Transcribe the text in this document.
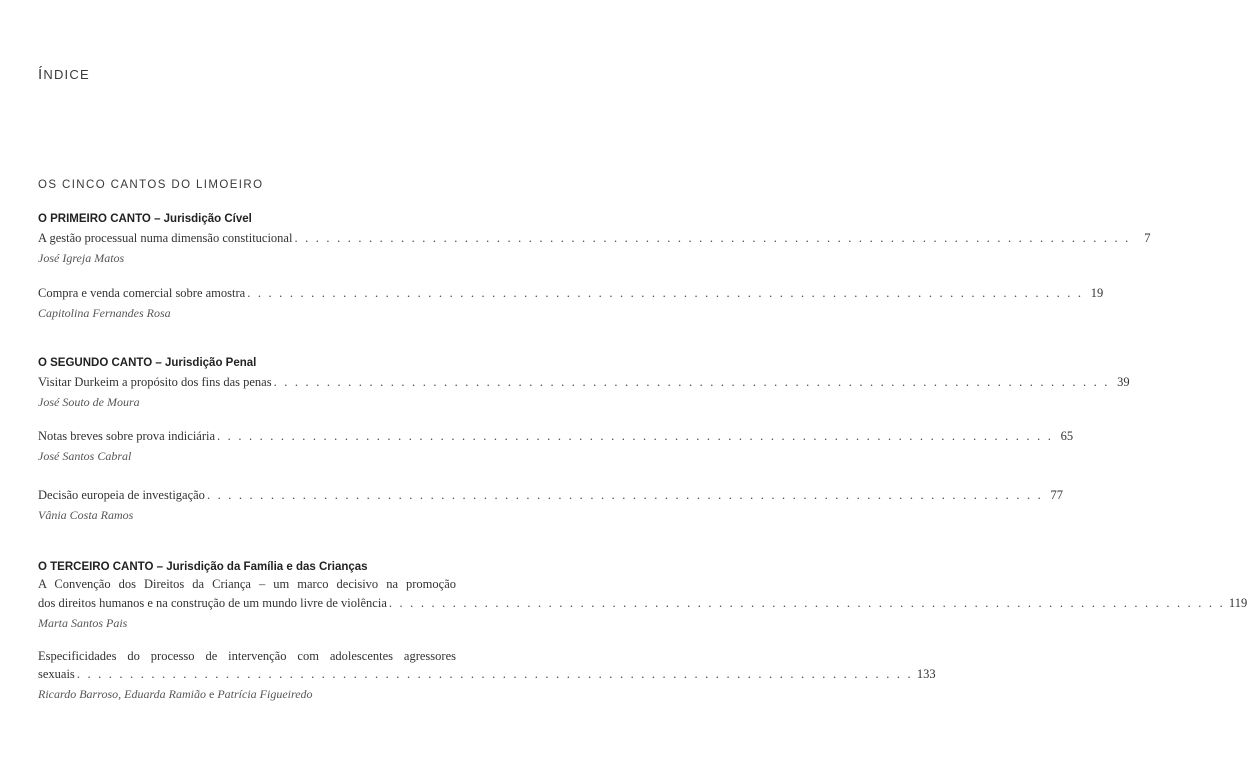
ÍNDICE
OS CINCO CANTOS DO LIMOEIRO
O PRIMEIRO CANTO – Jurisdição Cível
A gestão processual numa dimensão constitucional . . . . . . . . . . . . . . . . . . . . . . . . . . . . . . . . . . . . . . . . . . . . . . . . . . . . . . . . . . . . . . . . . . . . . . . . . . . . . . .	7
José Igreja Matos
Compra e venda comercial sobre amostra . . . . . . . . . . . . . . . . . . . . . . . . . . . . . . . . . . . . . . . . . . . . . . . . . . . . . . . . . . . . . . . . . . . . . . . . . . . . . . . 19
Capitolina Fernandes Rosa
O SEGUNDO CANTO – Jurisdição Penal
Visitar Durkeim a propósito dos fins das penas . . . . . . . . . . . . . . . . . . . . . . . . . . . . . . . . . . . . . . . . . . . . . . . . . . . . . . . . . . . . . . . . . . . . . . . . . . . . . . . 39
José Souto de Moura
Notas breves sobre prova indiciária . . . . . . . . . . . . . . . . . . . . . . . . . . . . . . . . . . . . . . . . . . . . . . . . . . . . . . . . . . . . . . . . . . . . . . . . . . . . . . . 65
José Santos Cabral
Decisão europeia de investigação . . . . . . . . . . . . . . . . . . . . . . . . . . . . . . . . . . . . . . . . . . . . . . . . . . . . . . . . . . . . . . . . . . . . . . . . . . . . . . . 77
Vânia Costa Ramos
O TERCEIRO CANTO – Jurisdição da Família e das Crianças
A Convenção dos Direitos da Criança – um marco decisivo na promoção
dos direitos humanos e na construção de um mundo livre de violência . . . . . . . . . . . . . . . . . . . . . . . . . . . . . . . . . . . . . . . . . . . . . . . . . . . . . . . . . . . . . . . . . . . . . . . . . . . . . . . 119
Marta Santos Pais
Especificidades do processo de intervenção com adolescentes agressores
sexuais . . . . . . . . . . . . . . . . . . . . . . . . . . . . . . . . . . . . . . . . . . . . . . . . . . . . . . . . . . . . . . . . . . . . . . . . . . . . . . . 133
Ricardo Barroso, Eduarda Ramião e Patrícia Figueiredo
